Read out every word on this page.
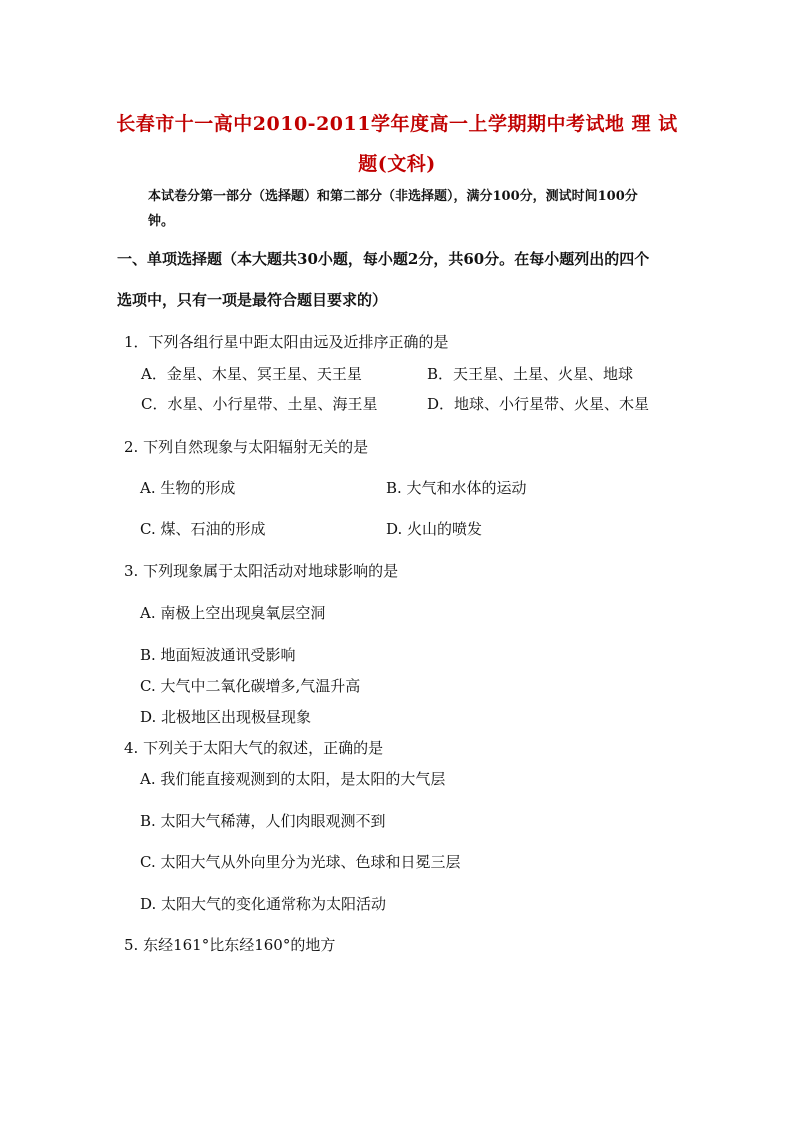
长春市十一高中2010-2011学年度高一上学期期中考试地 理 试
题(文科)
本试卷分第一部分（选择题）和第二部分（非选择题），满分100分，测试时间100分
钟。
一、单项选择题（本大题共30小题，每小题2分，共60分。在每小题列出的四个
选项中，只有一项是最符合题目要求的）
1．下列各组行星中距太阳由远及近排序正确的是
A．金星、木星、冥王星、天王星	B．天王星、土星、火星、地球
C．水星、小行星带、土星、海王星	D．地球、小行星带、火星、木星
2. 下列自然现象与太阳辐射无关的是
A. 生物的形成	B. 大气和水体的运动
C. 煤、石油的形成	D. 火山的喷发
3. 下列现象属于太阳活动对地球影响的是
A. 南极上空出现臭氧层空洞
B. 地面短波通讯受影响
C. 大气中二氧化碳增多,气温升高
D. 北极地区出现极昼现象
4. 下列关于太阳大气的叙述，正确的是
A. 我们能直接观测到的太阳，是太阳的大气层
B. 太阳大气稀薄，人们肉眼观测不到
C. 太阳大气从外向里分为光球、色球和日冕三层
D. 太阳大气的变化通常称为太阳活动
5. 东经161°比东经160°的地方
